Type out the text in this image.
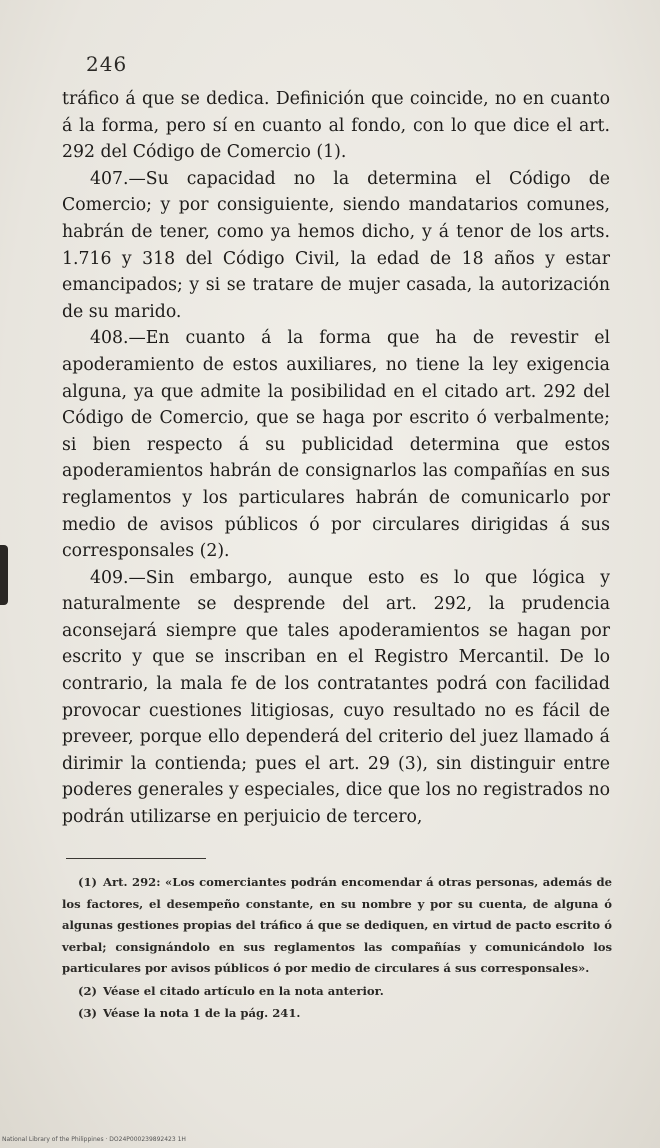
246

tráfico á que se dedica. Definición que coincide, no en cuanto á la forma, pero sí en cuanto al fondo, con lo que dice el art. 292 del Código de Comercio (1).

407.—Su capacidad no la determina el Código de Comercio; y por consiguiente, siendo mandatarios comunes, habrán de tener, como ya hemos dicho, y á tenor de los arts. 1.716 y 318 del Código Civil, la edad de 18 años y estar emancipados; y si se tratare de mujer casada, la autorización de su marido.

408.—En cuanto á la forma que ha de revestir el apoderamiento de estos auxiliares, no tiene la ley exigencia alguna, ya que admite la posibilidad en el citado art. 292 del Código de Comercio, que se haga por escrito ó verbalmente; si bien respecto á su publicidad determina que estos apoderamientos habrán de consignarlos las compañías en sus reglamentos y los particulares habrán de comunicarlo por medio de avisos públicos ó por circulares dirigidas á sus corresponsales (2).

409.—Sin embargo, aunque esto es lo que lógica y naturalmente se desprende del art. 292, la prudencia aconsejará siempre que tales apoderamientos se hagan por escrito y que se inscriban en el Registro Mercantil. De lo contrario, la mala fe de los contratantes podrá con facilidad provocar cuestiones litigiosas, cuyo resultado no es fácil de preveer, porque ello dependerá del criterio del juez llamado á dirimir la contienda; pues el art. 29 (3), sin distinguir entre poderes generales y especiales, dice que los no registrados no podrán utilizarse en perjuicio de tercero,

(1) Art. 292: «Los comerciantes podrán encomendar á otras personas, además de los factores, el desempeño constante, en su nombre y por su cuenta, de alguna ó algunas gestiones propias del tráfico á que se dediquen, en virtud de pacto escrito ó verbal; consignándolo en sus reglamentos las compañías y comunicándolo los particulares por avisos públicos ó por medio de circulares á sus corresponsales».

(2) Véase el citado artículo en la nota anterior.

(3) Véase la nota 1 de la pág. 241.

National Library of the Philippines · DO24P000239892423 1H
